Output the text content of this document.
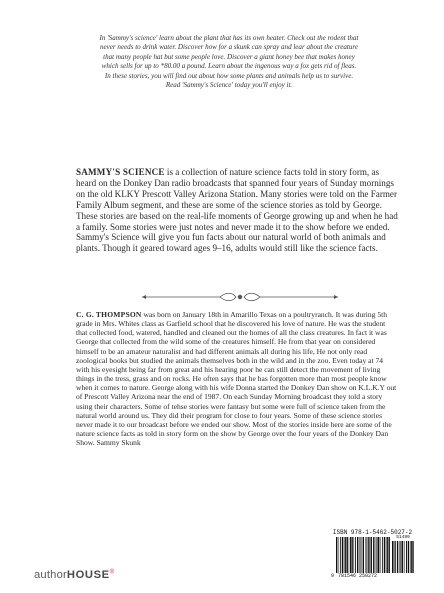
In 'Sammy's science' learn about the plant that has its own heater. Check out the rodent that never needs to drink water. Discover how for a skunk can spray and lear about the creature that many people hat but some people love. Discover a giant honey bee that makes honey which sells for up to *80.00 a pound. Learn about the ingenous way a fox gets rid of fleas. In these stories, you will find out about how some plants and animals help us to survive. Read 'Sammy's Science' today you'll enjoy it.
SAMMY'S SCIENCE is a collection of nature science facts told in story form, as heard on the Donkey Dan radio broadcasts that spanned four years of Sunday mornings on the old KLKY Prescott Valley Arizona Station. Many stories were told on the Farmer Family Album segment, and these are some of the science stories as told by George. These stories are based on the real-life moments of George growing up and when he had a family. Some stories were just notes and never made it to the show before we ended. Sammy's Science will give you fun facts about our natural world of both animals and plants. Though it geared toward ages 9–16, adults would still like the science facts.
C. G. THOMPSON was born on January 18th in Amarillo Texas on a poultryranch. It was during 5th grade in Mrs. Whites class as Garfield school that he discovered his love of nature. He was the student that collected food, watered, handled and cleaned out the homes of all the class creatures. In fact it was George that collected from the wild some of the creatures himself. He from that year on considered himself to be an amateur naturalist and had different animals all during his life, He not only read zoological books but studied the animals themselves both in the wild and in the zoo. Even today at 74 with his eyesight being far from great and his hearing poor he can still detect the movement of living things in the tress, grass and on rocks. He often says that he has forgotten more than most people know when it comes to nature. George along with his wife Donna started the Donkey Dan show on K.L.K.Y out of Prescott Valley Arizona near the end of 1987. On each Sunday Morning broadcast they told a story using their characters. Some of tehse stories were fantasy but some were full of science taken from the natural world around us. They did their program for close to four years. Some of these science stories never made it to our broadcast before we ended our show. Most of the stories inside here are some of the nature science facts as told in story form on the show by George over the four years of the Donkey Dan Show. Sammy Skunk
authorHOUSE®
ISBN 978-1-5462-5027-2
51499
9 781546 250272
